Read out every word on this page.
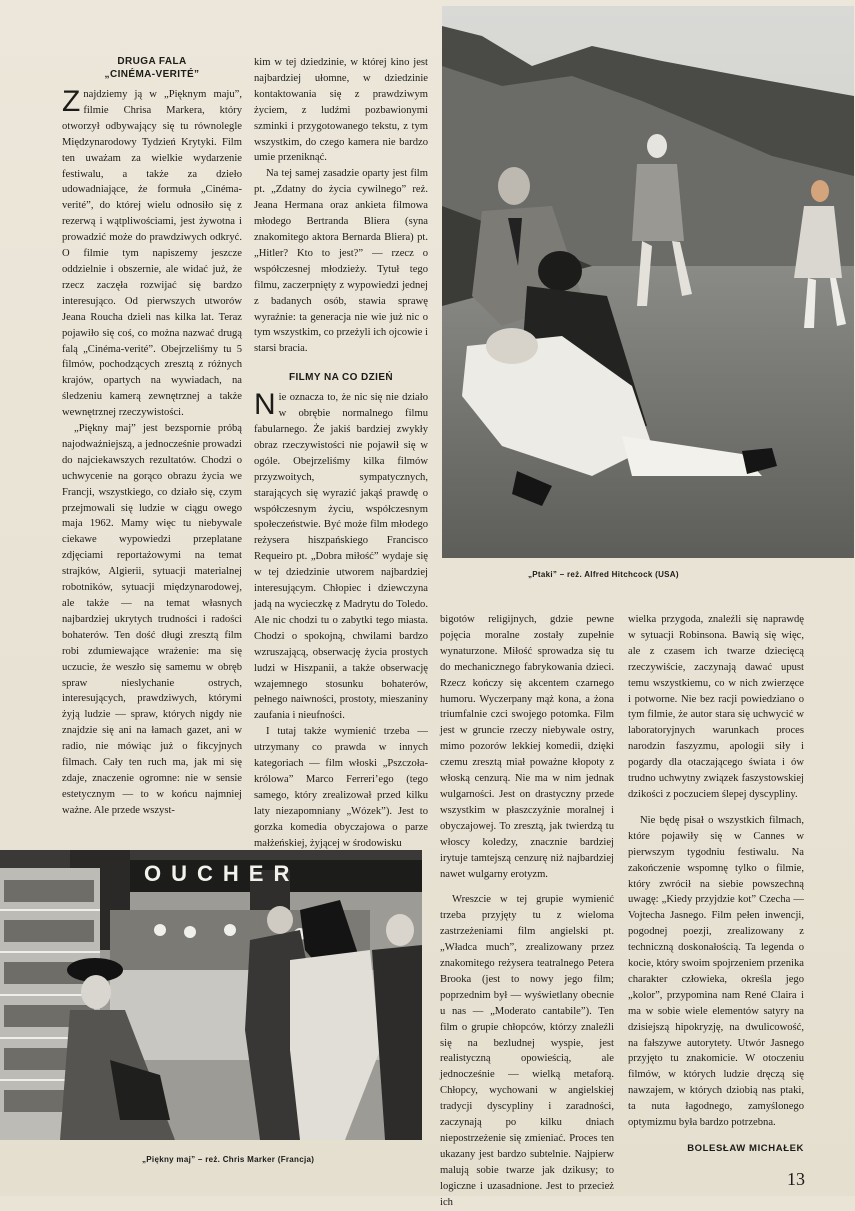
DRUGA FALA
„CINÉMA-VERITÉ”

Znajdziemy ją w „Pięknym maju”, filmie Chrisa Markera, który otworzył odbywający się tu równolegle Międzynarodowy Tydzień Krytyki. Film ten uważam za wielkie wydarzenie festiwalu, a także za dzieło udowadniające, że formuła „Cinéma-verité”, do której wielu odnosiło się z rezerwą i wątpliwościami, jest żywotna i prowadzić może do prawdziwych odkryć. O filmie tym napiszemy jeszcze oddzielnie i obszernie, ale widać już, że rzecz zaczęła rozwijać się bardzo interesująco. Od pierwszych utworów Jeana Roucha dzieli nas kilka lat. Teraz pojawiło się coś, co można nazwać drugą falą „Cinéma-verité”. Obejrzeliśmy tu 5 filmów, pochodzących zresztą z różnych krajów, opartych na wywiadach, na śledzeniu kamerą zewnętrznej a także wewnętrznej rzeczywistości.

„Piękny maj” jest bezspornie próbą najodważniejszą, a jednocześnie prowadzi do najciekawszych rezultatów. Chodzi o uchwycenie na gorąco obrazu życia we Francji, wszystkiego, co działo się, czym przejmowali się ludzie w ciągu owego maja 1962. Mamy więc tu niebywale ciekawe wypowiedzi przeplatane zdjęciami reportażowymi na temat strajków, Algierii, sytuacji materialnej robotników, sytuacji międzynarodowej, ale także — na temat własnych najbardziej ukrytych trudności i radości bohaterów. Ten dość długi zresztą film robi zdumiewające wrażenie: ma się uczucie, że weszło się samemu w obręb spraw nieslychanie ostrych, interesujących, prawdziwych, którymi żyją ludzie — spraw, których nigdy nie znajdzie się ani na łamach gazet, ani w radio, nie mówiąc już o fikcyjnych filmach. Cały ten ruch ma, jak mi się zdaje, znaczenie ogromne: nie w sensie estetycznym — to w końcu najmniej ważne. Ale przede wszyst-

kim w tej dziedzinie, w której kino jest najbardziej ułomne, w dziedzinie kontaktowania się z prawdziwym życiem, z ludźmi pozbawionymi szminki i przygotowanego tekstu, z tym wszystkim, do czego kamera nie bardzo umie przeniknąć.

Na tej samej zasadzie oparty jest film pt. „Zdatny do życia cywilnego” reż. Jeana Hermana oraz ankieta filmowa młodego Bertranda Bliera (syna znakomitego aktora Bernarda Bliera) pt. „Hitler? Kto to jest?” — rzecz o współczesnej młodzieży. Tytuł tego filmu, zaczerpnięty z wypowiedzi jednej z badanych osób, stawia sprawę wyraźnie: ta generacja nie wie już nic o tym wszystkim, co przeżyli ich ojcowie i starsi bracia.

FILMY NA CO DZIEŃ

Nie oznacza to, że nic się nie działo w obrębie normalnego filmu fabularnego. Że jakiś bardziej zwykły obraz rzeczywistości nie pojawił się w ogóle. Obejrzeliśmy kilka filmów przyzwoitych, sympatycznych, starających się wyrazić jakąś prawdę o współczesnym życiu, współczesnym społeczeństwie. Być może film młodego reżysera hiszpańskiego Francisco Requeiro pt. „Dobra miłość” wydaje się w tej dziedzinie utworem najbardziej interesującym. Chłopiec i dziewczyna jadą na wycieczkę z Madrytu do Toledo. Ale nic chodzi tu o zabytki tego miasta. Chodzi o spokojną, chwilami bardzo wzruszającą, obserwację życia prostych ludzi w Hiszpanii, a także obserwację wzajemnego stosunku bohaterów, pełnego naiwności, prostoty, mieszaniny zaufania i nieufności.

I tutaj także wymienić trzeba — utrzymany co prawda w innych kategoriach — film włoski „Pszczoła-królowa” Marco Ferreri’ego (tego samego, który zrealizował przed kilku laty niezapomniany „Wózek”). Jest to gorzka komedia obyczajowa o parze małżeńskiej, żyjącej w środowisku

„Ptaki” – reż. Alfred Hitchcock (USA)

bigotów religijnych, gdzie pewne pojęcia moralne zostały zupełnie wynaturzone. Miłość sprowadza się tu do mechanicznego fabrykowania dzieci. Rzecz kończy się akcentem czarnego humoru. Wyczerpany mąż kona, a żona triumfalnie czci swojego potomka. Film jest w gruncie rzeczy niebywale ostry, mimo pozorów lekkiej komedii, dzięki czemu zresztą miał poważne kłopoty z włoską cenzurą. Nie ma w nim jednak wulgarności. Jest on drastyczny przede wszystkim w płaszczyźnie moralnej i obyczajowej. To zresztą, jak twierdzą tu włoscy koledzy, znacznie bardziej irytuje tamtejszą cenzurę niż najbardziej nawet wulgarny erotyzm.

Wreszcie w tej grupie wymienić trzeba przyjęty tu z wieloma zastrzeżeniami film angielski pt. „Władca much”, zrealizowany przez znakomitego reżysera teatralnego Petera Brooka (jest to nowy jego film; poprzednim był — wyświetlany obecnie u nas — „Moderato cantabile”). Ten film o grupie chłopców, którzy znaleźli się na bezludnej wyspie, jest realistyczną opowieścią, ale jednocześnie — wielką metaforą. Chłopcy, wychowani w angielskiej tradycji dyscypliny i zaradności, zaczynają po kilku dniach niepostrzeżenie się zmieniać. Proces ten ukazany jest bardzo subtelnie. Najpierw malują sobie twarze jak dzikusy; to logiczne i uzasadnione. Jest to przecież ich

wielka przygoda, znaleźli się naprawdę w sytuacji Robinsona. Bawią się więc, ale z czasem ich twarze dziecięcą rzeczywiście, zaczynają dawać upust temu wszystkiemu, co w nich zwierzęce i potworne. Nie bez racji powiedziano o tym filmie, że autor stara się uchwycić w laboratoryjnych warunkach proces narodzin faszyzmu, apologii siły i pogardy dla otaczającego świata i ów trudno uchwytny związek faszystowskiej dzikości z poczuciem ślepej dyscypliny.

Nie będę pisał o wszystkich filmach, które pojawiły się w Cannes w pierwszym tygodniu festiwalu. Na zakończenie wspomnę tylko o filmie, który zwrócił na siebie powszechną uwagę: „Kiedy przyjdzie kot” Czecha — Vojtecha Jasnego. Film pełen inwencji, pogodnej poezji, zrealizowany z techniczną doskonałością. Ta legenda o kocie, który swoim spojrzeniem przenika charakter człowieka, określa jego „kolor”, przypomina nam René Claira i ma w sobie wiele elementów satyry na dzisiejszą hipokryzję, na dwulicowość, na fałszywe autorytety. Utwór Jasnego przyjęto tu znakomicie. W otoczeniu filmów, w których ludzie dręczą się nawzajem, w których dziobią nas ptaki, ta nuta łagodnego, zamyślonego optymizmu była bardzo potrzebna.

BOLESŁAW MICHAŁEK
OUCHER
„Piękny maj” – reż. Chris Marker (Francja)
13
